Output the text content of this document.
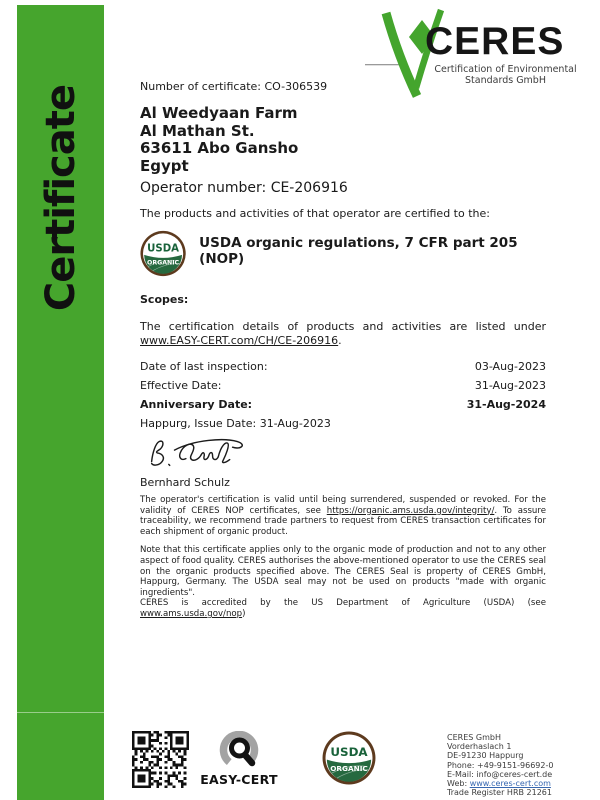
Certificate
CERES
Certification of Environmental
Standards GmbH
Number of certificate: CO-306539
Al Weedyaan Farm
Al Mathan St.
63611 Abo Gansho
Egypt
Operator number: CE-206916
The products and activities of that operator are certified to the:
USDA
ORGANIC
USDA organic regulations, 7 CFR part 205 (NOP)
Scopes:
The certification details of products and activities are listed under www.EASY-CERT.com/CH/CE-206916.
Date of last inspection:	03-Aug-2023
Effective Date:	31-Aug-2023
Anniversary Date:	31-Aug-2024
Happurg, Issue Date: 31-Aug-2023
Bernhard Schulz
The operator's certification is valid until being surrendered, suspended or revoked. For the validity of CERES NOP certificates, see https://organic.ams.usda.gov/integrity/. To assure traceability, we recommend trade partners to request from CERES transaction certificates for each shipment of organic product.
Note that this certificate applies only to the organic mode of production and not to any other aspect of food quality. CERES authorises the above-mentioned operator to use the CERES seal on the organic products specified above. The CERES Seal is property of CERES GmbH, Happurg, Germany. The USDA seal may not be used on products "made with organic ingredients".
CERES is accredited by the US Department of Agriculture (USDA) (see www.ams.usda.gov/nop)
EASY-CERT
USDA
ORGANIC
CERES GmbH
Vorderhaslach 1
DE-91230 Happurg
Phone: +49-9151-96692-0
E-Mail: info@ceres-cert.de
Web: www.ceres-cert.com
Trade Register HRB 21261
